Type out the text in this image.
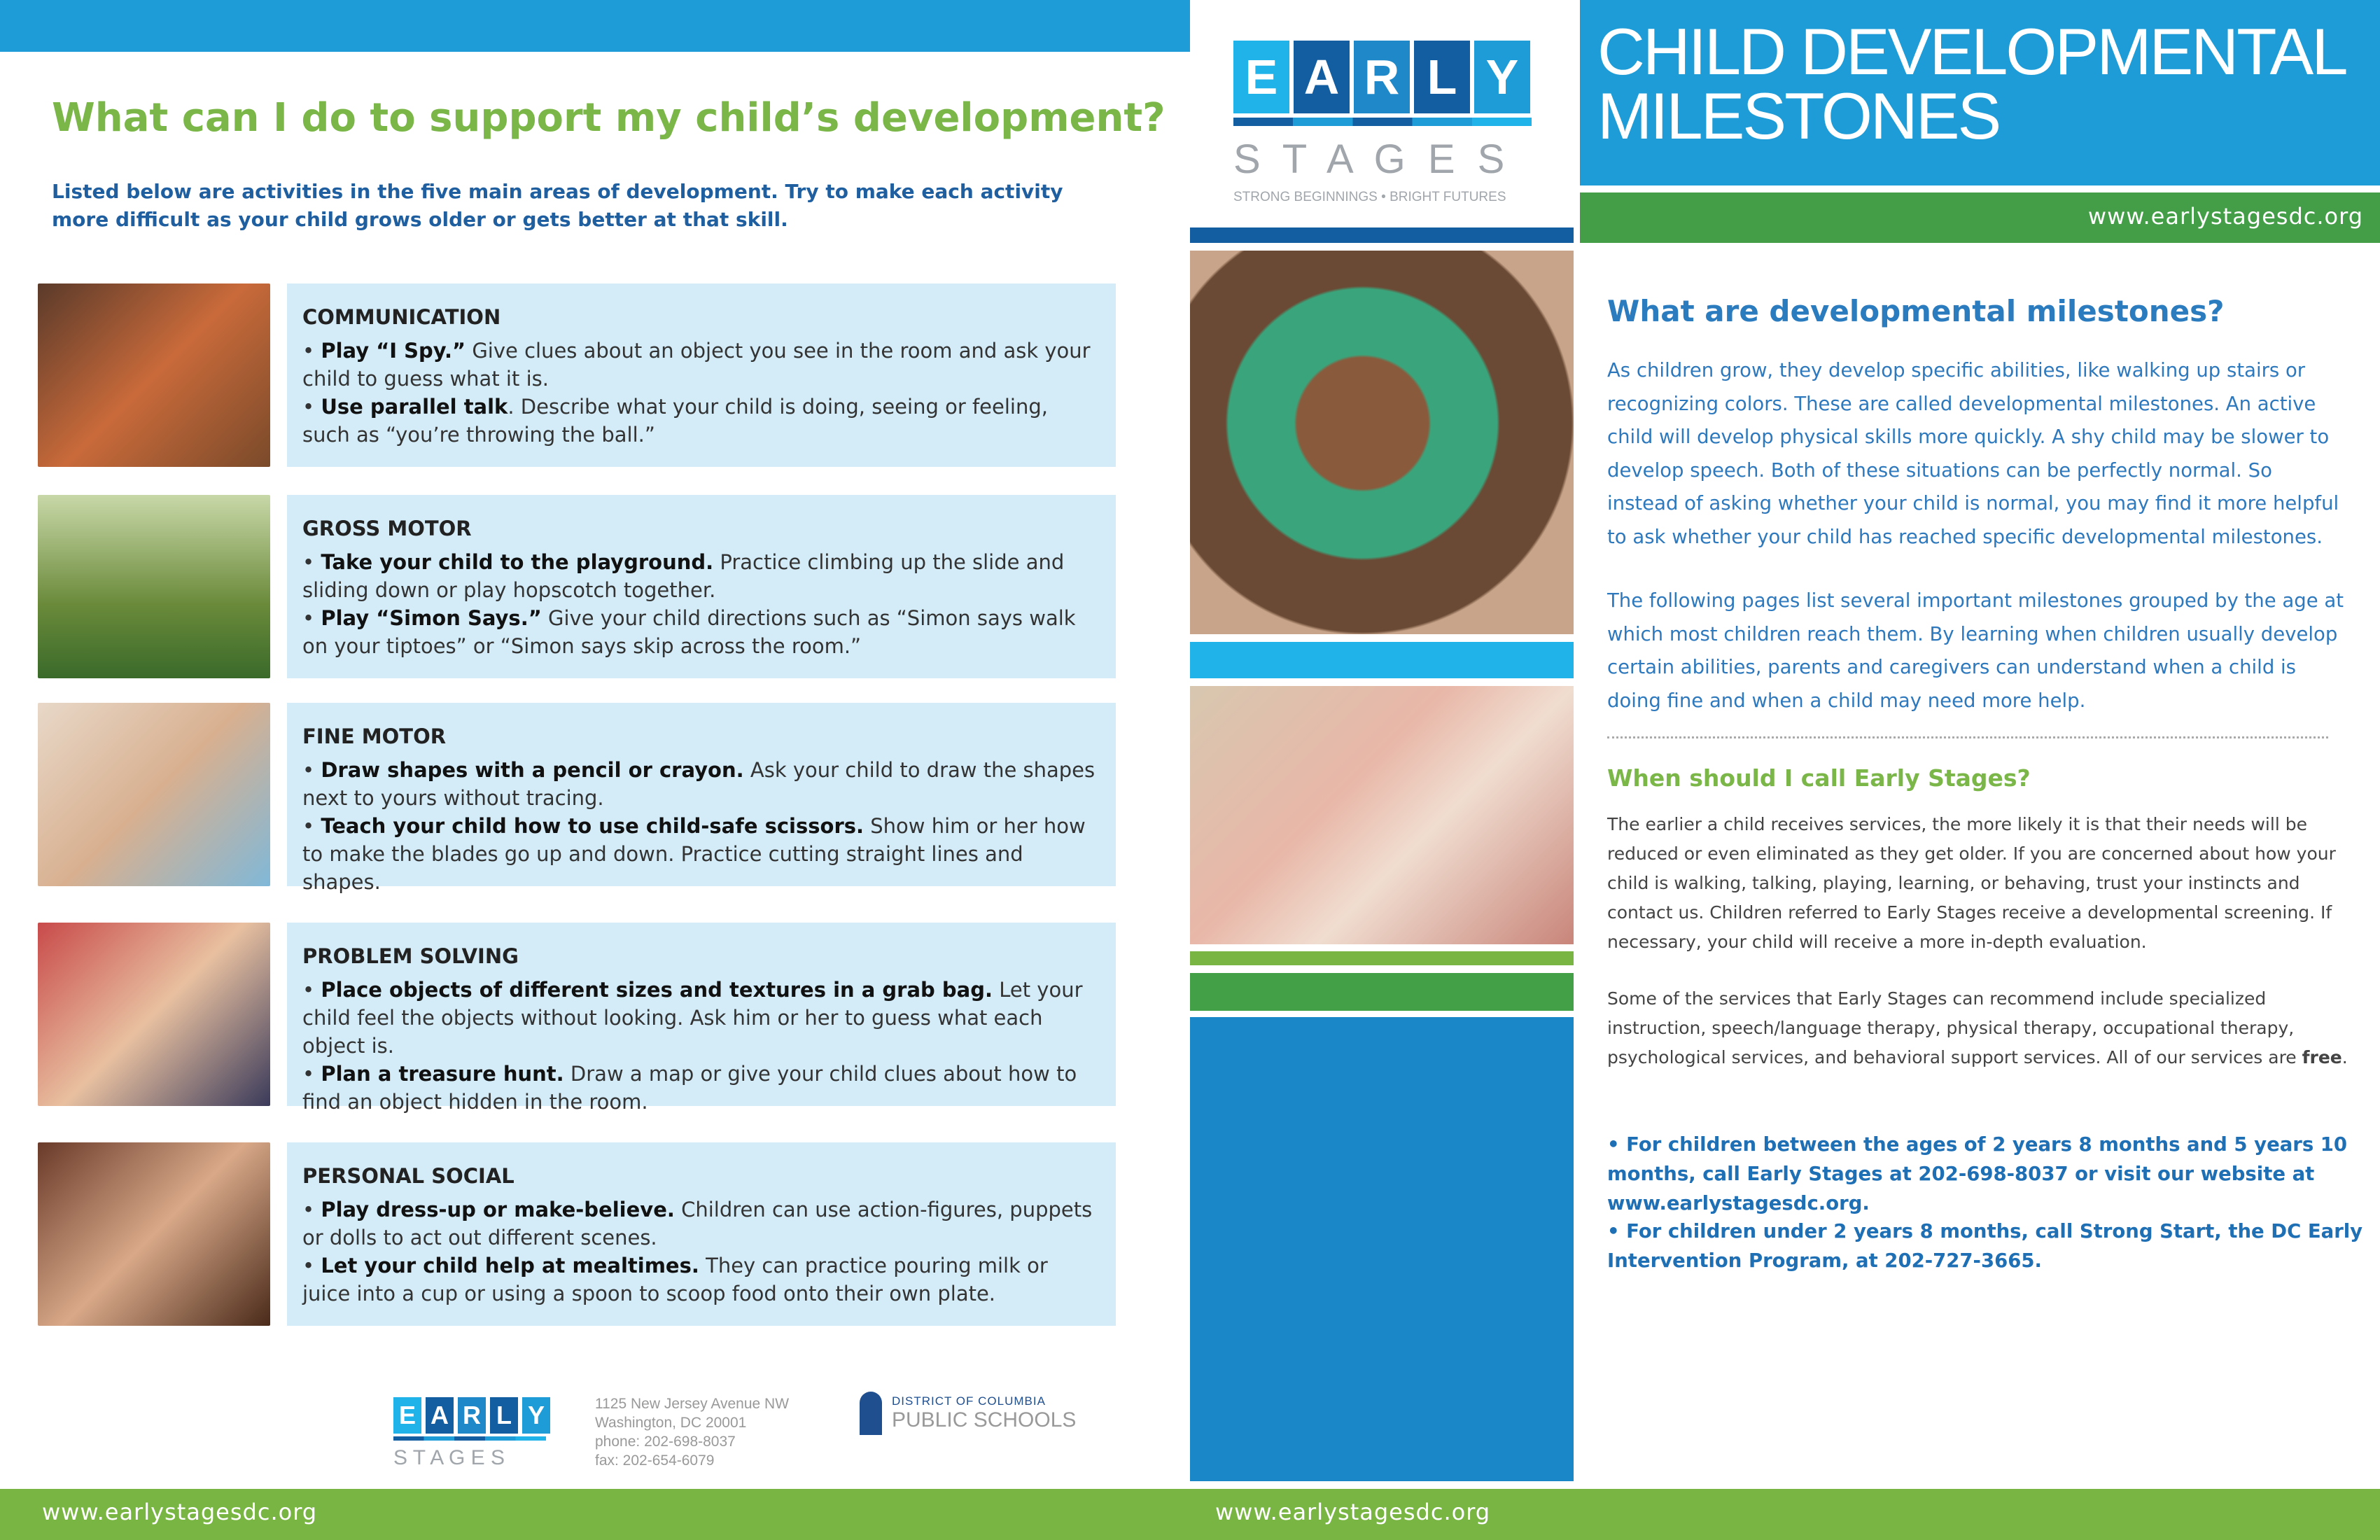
What can I do to support my child’s development?
Listed below are activities in the five main areas of development. Try to make each activity more difficult as your child grows older or gets better at that skill.
COMMUNICATION
• Play “I Spy.” Give clues about an object you see in the room and ask your child to guess what it is.
• Use parallel talk. Describe what your child is doing, seeing or feeling, such as “you’re throwing the ball.”
GROSS MOTOR
• Take your child to the playground. Practice climbing up the slide and sliding down or play hopscotch together.
• Play “Simon Says.” Give your child directions such as “Simon says walk on your tiptoes” or “Simon says skip across the room.”
FINE MOTOR
• Draw shapes with a pencil or crayon. Ask your child to draw the shapes next to yours without tracing.
• Teach your child how to use child-safe scissors. Show him or her how to make the blades go up and down. Practice cutting straight lines and shapes.
PROBLEM SOLVING
• Place objects of different sizes and textures in a grab bag. Let your child feel the objects without looking. Ask him or her to guess what each object is.
• Plan a treasure hunt. Draw a map or give your child clues about how to find an object hidden in the room.
PERSONAL SOCIAL
• Play dress-up or make-believe. Children can use action-figures, puppets or dolls to act out different scenes.
• Let your child help at mealtimes. They can practice pouring milk or juice into a cup or using a spoon to scoop food onto their own plate.
E A R L Y
S T A G E S
1125 New Jersey Avenue NW
Washington, DC 20001
phone: 202-698-8037
fax: 202-654-6079
DISTRICT OF COLUMBIA
PUBLIC SCHOOLS
www.earlystagesdc.org	www.earlystagesdc.org
E A R L Y
S T A G E S
STRONG BEGINNINGS • BRIGHT FUTURES
CHILD DEVELOPMENTAL
MILESTONES
www.earlystagesdc.org
What are developmental milestones?
As children grow, they develop specific abilities, like walking up stairs or recognizing colors. These are called developmental milestones. An active child will develop physical skills more quickly. A shy child may be slower to develop speech. Both of these situations can be perfectly normal. So instead of asking whether your child is normal, you may find it more helpful to ask whether your child has reached specific developmental milestones.
The following pages list several important milestones grouped by the age at which most children reach them. By learning when children usually develop certain abilities, parents and caregivers can understand when a child is doing fine and when a child may need more help.
When should I call Early Stages?
The earlier a child receives services, the more likely it is that their needs will be reduced or even eliminated as they get older. If you are concerned about how your child is walking, talking, playing, learning, or behaving, trust your instincts and contact us. Children referred to Early Stages receive a developmental screening. If necessary, your child will receive a more in-depth evaluation.
Some of the services that Early Stages can recommend include specialized instruction, speech/language therapy, physical therapy, occupational therapy, psychological services, and behavioral support services. All of our services are free.
• For children between the ages of 2 years 8 months and 5 years 10 months, call Early Stages at 202-698-8037 or visit our website at www.earlystagesdc.org.
• For children under 2 years 8 months, call Strong Start, the DC Early Intervention Program, at 202-727-3665.
